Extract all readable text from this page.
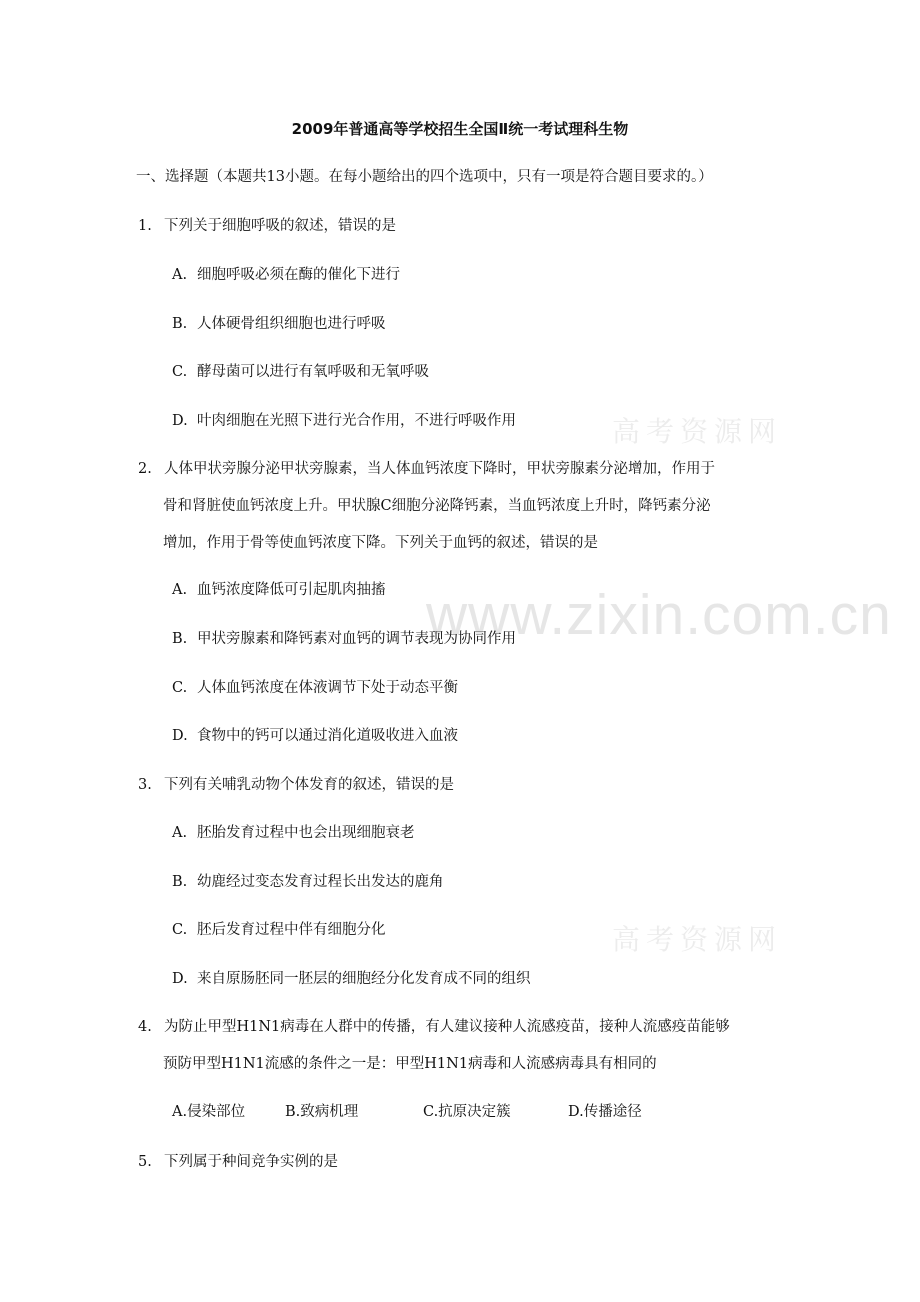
高考资源网
www.zixin.com.cn
高考资源网
2009年普通高等学校招生全国Ⅱ统一考试理科生物
一、选择题（本题共13小题。在每小题给出的四个选项中，只有一项是符合题目要求的。）
1. 下列关于细胞呼吸的叙述，错误的是
A. 细胞呼吸必须在酶的催化下进行
B. 人体硬骨组织细胞也进行呼吸
C. 酵母菌可以进行有氧呼吸和无氧呼吸
D. 叶肉细胞在光照下进行光合作用，不进行呼吸作用
2. 人体甲状旁腺分泌甲状旁腺素，当人体血钙浓度下降时，甲状旁腺素分泌增加，作用于
骨和肾脏使血钙浓度上升。甲状腺C细胞分泌降钙素，当血钙浓度上升时，降钙素分泌
增加，作用于骨等使血钙浓度下降。下列关于血钙的叙述，错误的是
A. 血钙浓度降低可引起肌肉抽搐
B. 甲状旁腺素和降钙素对血钙的调节表现为协同作用
C. 人体血钙浓度在体液调节下处于动态平衡
D. 食物中的钙可以通过消化道吸收进入血液
3. 下列有关哺乳动物个体发育的叙述，错误的是
A. 胚胎发育过程中也会出现细胞衰老
B. 幼鹿经过变态发育过程长出发达的鹿角
C. 胚后发育过程中伴有细胞分化
D. 来自原肠胚同一胚层的细胞经分化发育成不同的组织
4. 为防止甲型H1N1病毒在人群中的传播，有人建议接种人流感疫苗，接种人流感疫苗能够
预防甲型H1N1流感的条件之一是：甲型H1N1病毒和人流感病毒具有相同的
A.侵染部位	B.致病机理	C.抗原决定簇	D.传播途径
5. 下列属于种间竞争实例的是
